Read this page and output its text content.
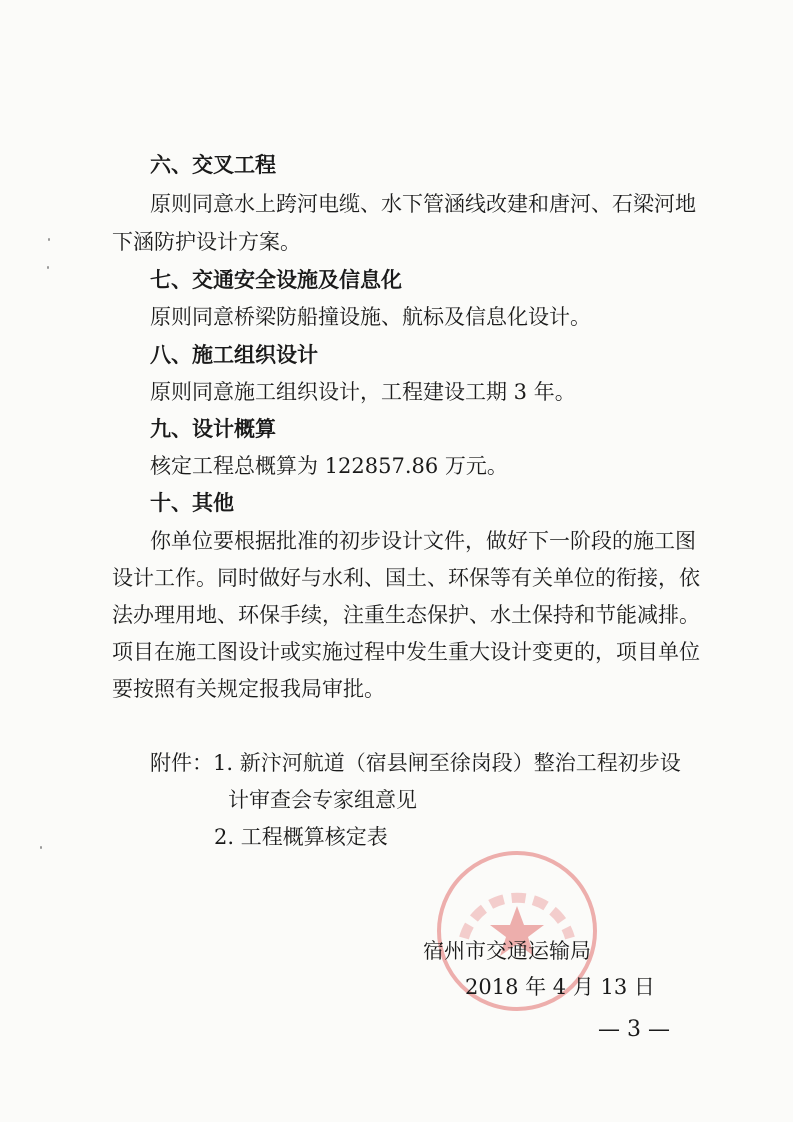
六、交叉工程
原则同意水上跨河电缆、水下管涵线改建和唐河、石梁河地
下涵防护设计方案。
七、交通安全设施及信息化
原则同意桥梁防船撞设施、航标及信息化设计。
八、施工组织设计
原则同意施工组织设计，工程建设工期 3 年。
九、设计概算
核定工程总概算为 122857.86 万元。
十、其他
你单位要根据批准的初步设计文件，做好下一阶段的施工图
设计工作。同时做好与水利、国土、环保等有关单位的衔接，依
法办理用地、环保手续，注重生态保护、水土保持和节能减排。
项目在施工图设计或实施过程中发生重大设计变更的，项目单位
要按照有关规定报我局审批。
附件：1. 新汴河航道（宿县闸至徐岗段）整治工程初步设
计审查会专家组意见
2. 工程概算核定表
宿州市交通运输局
2018 年 4 月 13 日
— 3 —
